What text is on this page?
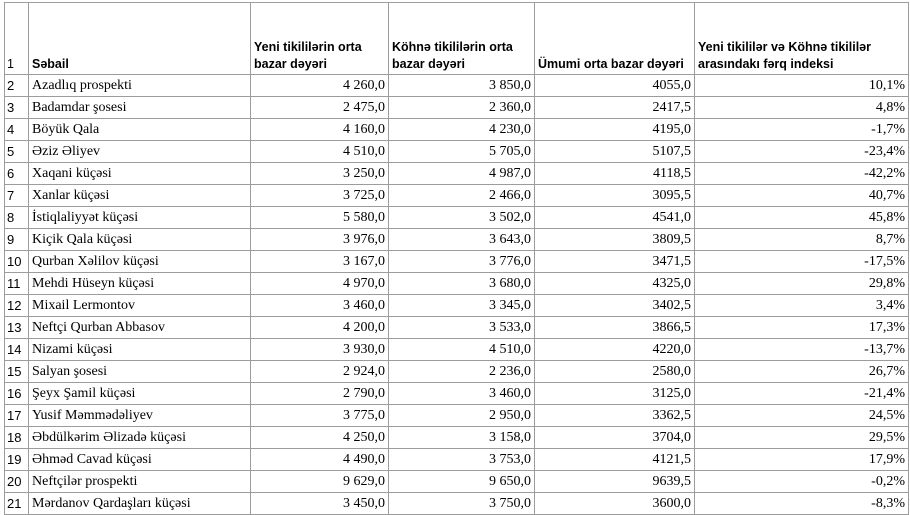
1	Səbail	Yeni tikililərin orta bazar dəyəri	Köhnə tikililərin orta bazar dəyəri	Ümumi orta bazar dəyəri	Yeni tikililər və Köhnə tikililər arasındakı fərq indeksi
2	Azadlıq prospekti	4 260,0	3 850,0	4055,0	10,1%
3	Badamdar şosesi	2 475,0	2 360,0	2417,5	4,8%
4	Böyük Qala	4 160,0	4 230,0	4195,0	-1,7%
5	Əziz Əliyev	4 510,0	5 705,0	5107,5	-23,4%
6	Xaqani küçəsi	3 250,0	4 987,0	4118,5	-42,2%
7	Xanlar küçəsi	3 725,0	2 466,0	3095,5	40,7%
8	İstiqlaliyyət küçəsi	5 580,0	3 502,0	4541,0	45,8%
9	Kiçik Qala küçəsi	3 976,0	3 643,0	3809,5	8,7%
10	Qurban Xəlilov küçəsi	3 167,0	3 776,0	3471,5	-17,5%
11	Mehdi Hüseyn küçəsi	4 970,0	3 680,0	4325,0	29,8%
12	Mixail Lermontov	3 460,0	3 345,0	3402,5	3,4%
13	Neftçi Qurban Abbasov	4 200,0	3 533,0	3866,5	17,3%
14	Nizami küçəsi	3 930,0	4 510,0	4220,0	-13,7%
15	Salyan şosesi	2 924,0	2 236,0	2580,0	26,7%
16	Şeyx Şamil küçəsi	2 790,0	3 460,0	3125,0	-21,4%
17	Yusif Məmmədəliyev	3 775,0	2 950,0	3362,5	24,5%
18	Əbdülkərim Əlizadə küçəsi	4 250,0	3 158,0	3704,0	29,5%
19	Əhməd Cavad küçəsi	4 490,0	3 753,0	4121,5	17,9%
20	Neftçilər prospekti	9 629,0	9 650,0	9639,5	-0,2%
21	Mərdanov Qardaşları küçəsi	3 450,0	3 750,0	3600,0	-8,3%
